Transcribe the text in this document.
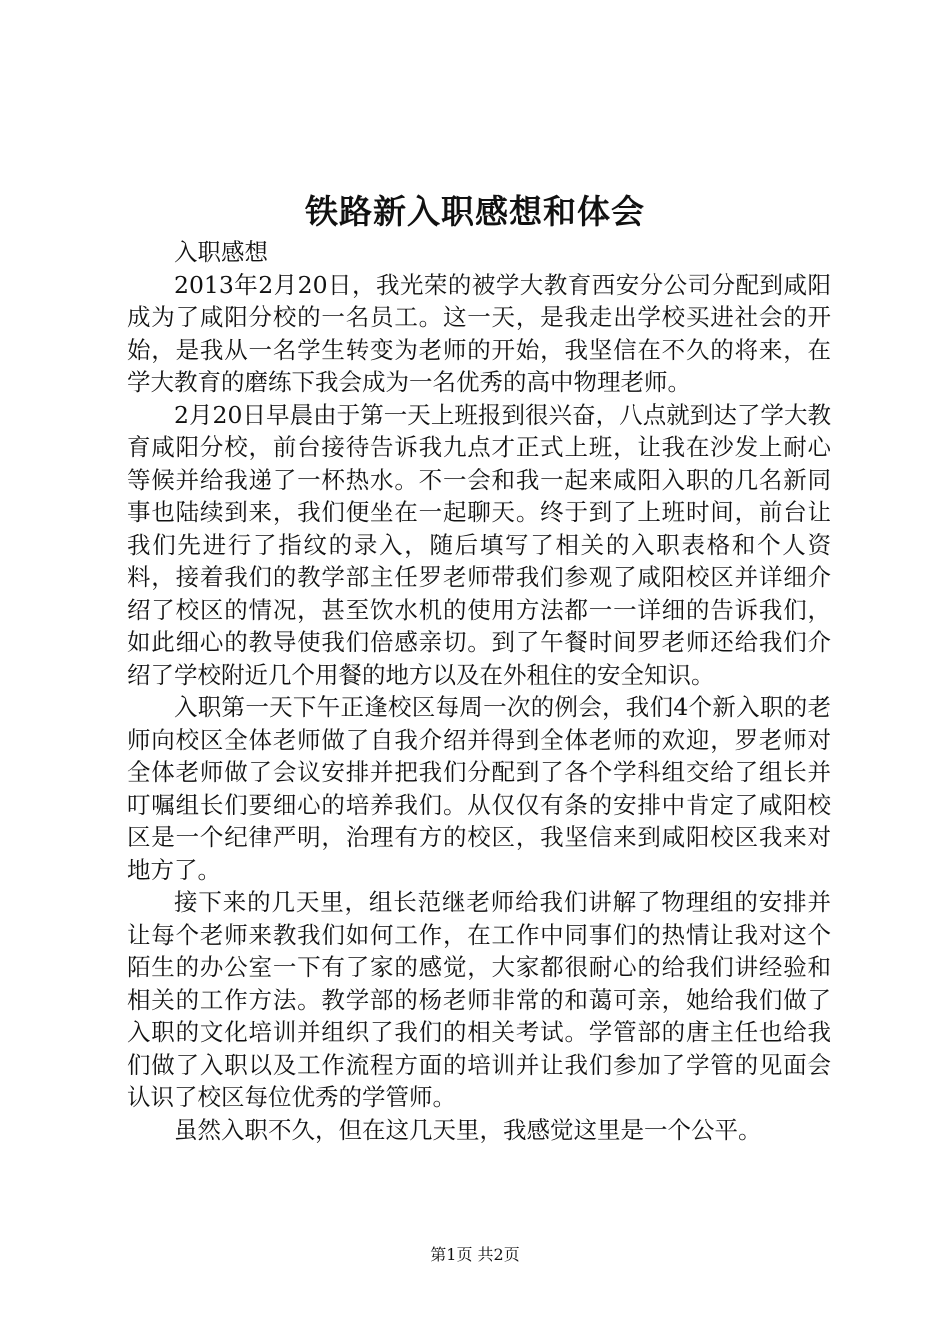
铁路新入职感想和体会

入职感想

2013年2月20日，我光荣的被学大教育西安分公司分配到咸阳成为了咸阳分校的一名员工。这一天，是我走出学校买进社会的开始，是我从一名学生转变为老师的开始，我坚信在不久的将来，在学大教育的磨练下我会成为一名优秀的高中物理老师。

2月20日早晨由于第一天上班报到很兴奋，八点就到达了学大教育咸阳分校，前台接待告诉我九点才正式上班，让我在沙发上耐心等候并给我递了一杯热水。不一会和我一起来咸阳入职的几名新同事也陆续到来，我们便坐在一起聊天。终于到了上班时间，前台让我们先进行了指纹的录入，随后填写了相关的入职表格和个人资料，接着我们的教学部主任罗老师带我们参观了咸阳校区并详细介绍了校区的情况，甚至饮水机的使用方法都一一详细的告诉我们，如此细心的教导使我们倍感亲切。到了午餐时间罗老师还给我们介绍了学校附近几个用餐的地方以及在外租住的安全知识。

入职第一天下午正逢校区每周一次的例会，我们4个新入职的老师向校区全体老师做了自我介绍并得到全体老师的欢迎，罗老师对全体老师做了会议安排并把我们分配到了各个学科组交给了组长并叮嘱组长们要细心的培养我们。从仅仅有条的安排中肯定了咸阳校区是一个纪律严明，治理有方的校区，我坚信来到咸阳校区我来对地方了。

接下来的几天里，组长范继老师给我们讲解了物理组的安排并让每个老师来教我们如何工作，在工作中同事们的热情让我对这个陌生的办公室一下有了家的感觉，大家都很耐心的给我们讲经验和相关的工作方法。教学部的杨老师非常的和蔼可亲，她给我们做了入职的文化培训并组织了我们的相关考试。学管部的唐主任也给我们做了入职以及工作流程方面的培训并让我们参加了学管的见面会认识了校区每位优秀的学管师。

虽然入职不久，但在这几天里，我感觉这里是一个公平。

第1页 共2页
